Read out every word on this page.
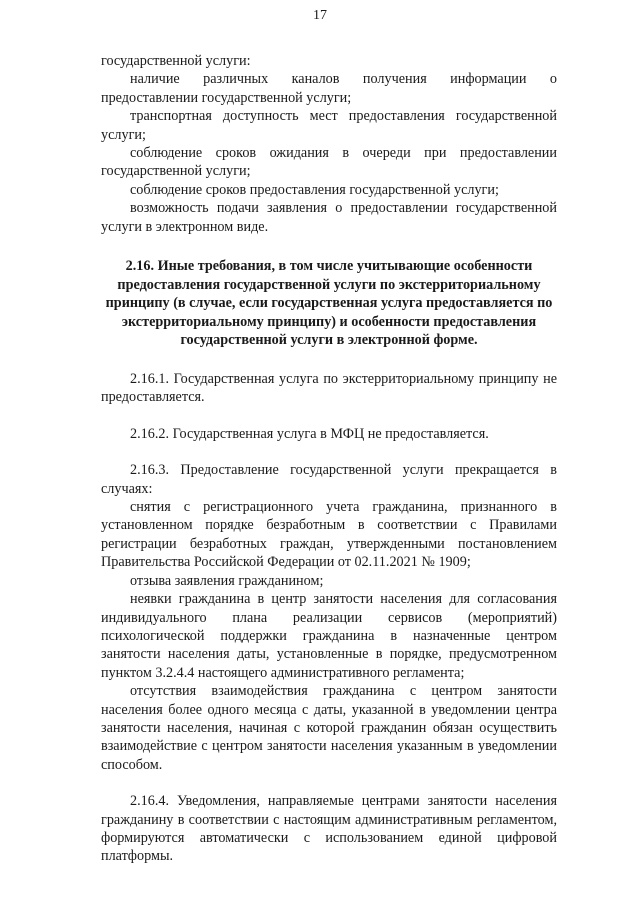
17

государственной услуги:

наличие различных каналов получения информации о предоставлении государственной услуги;

транспортная доступность мест предоставления государственной услуги;

соблюдение сроков ожидания в очереди при предоставлении государственной услуги;

соблюдение сроков предоставления государственной услуги;

возможность подачи заявления о предоставлении государственной услуги в электронном виде.

2.16. Иные требования, в том числе учитывающие особенности предоставления государственной услуги по экстерриториальному принципу (в случае, если государственная услуга предоставляется по экстерриториальному принципу) и особенности предоставления государственной услуги в электронной форме.

2.16.1. Государственная услуга по экстерриториальному принципу не предоставляется.

2.16.2. Государственная услуга в МФЦ не предоставляется.

2.16.3. Предоставление государственной услуги прекращается в случаях:

снятия с регистрационного учета гражданина, признанного в установленном порядке безработным в соответствии с Правилами регистрации безработных граждан, утвержденными постановлением Правительства Российской Федерации от 02.11.2021 № 1909;

отзыва заявления гражданином;

неявки гражданина в центр занятости населения для согласования индивидуального плана реализации сервисов (мероприятий) психологической поддержки гражданина в назначенные центром занятости населения даты, установленные в порядке, предусмотренном пунктом 3.2.4.4 настоящего административного регламента;

отсутствия взаимодействия гражданина с центром занятости населения более одного месяца с даты, указанной в уведомлении центра занятости населения, начиная с которой гражданин обязан осуществить взаимодействие с центром занятости населения указанным в уведомлении способом.

2.16.4. Уведомления, направляемые центрами занятости населения гражданину в соответствии с настоящим административным регламентом, формируются автоматически с использованием единой цифровой платформы.
